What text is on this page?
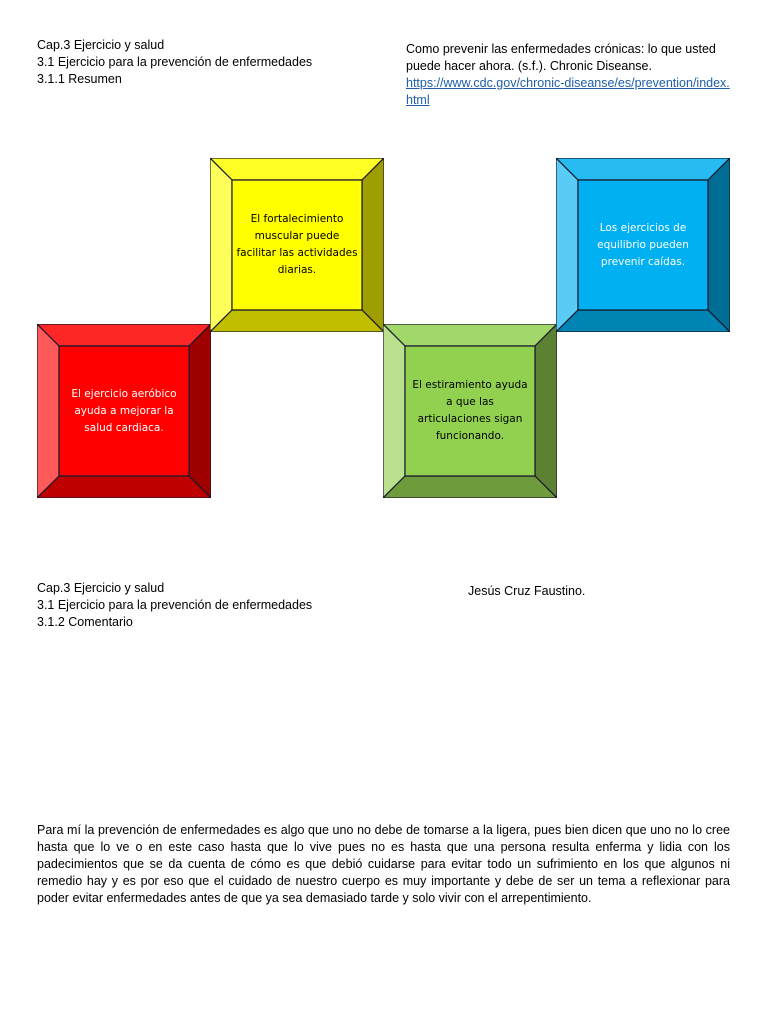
Cap.3 Ejercicio y salud
3.1 Ejercicio para la prevención de enfermedades
3.1.1 Resumen
Como prevenir las enfermedades crónicas: lo que usted puede hacer ahora. (s.f.). Chronic Diseanse.
https://www.cdc.gov/chronic-diseanse/es/prevention/index.html
El ejercicio aeróbico ayuda a mejorar la salud cardiaca.
El fortalecimiento muscular puede facilitar las actividades diarias.
El estiramiento ayuda a que las articulaciones sigan funcionando.
Los ejercicios de equilibrio pueden prevenir caídas.
Cap.3 Ejercicio y salud
3.1 Ejercicio para la prevención de enfermedades
3.1.2 Comentario
Jesús Cruz Faustino.
Para mí la prevención de enfermedades es algo que uno no debe de tomarse a la ligera, pues bien dicen que uno no lo cree hasta que lo ve o en este caso hasta que lo vive pues no es hasta que una persona resulta enferma y lidia con los padecimientos que se da cuenta de cómo es que debió cuidarse para evitar todo un sufrimiento en los que algunos ni remedio hay y es por eso que el cuidado de nuestro cuerpo es muy importante y debe de ser un tema a reflexionar para poder evitar enfermedades antes de que ya sea demasiado tarde y solo vivir con el arrepentimiento.
